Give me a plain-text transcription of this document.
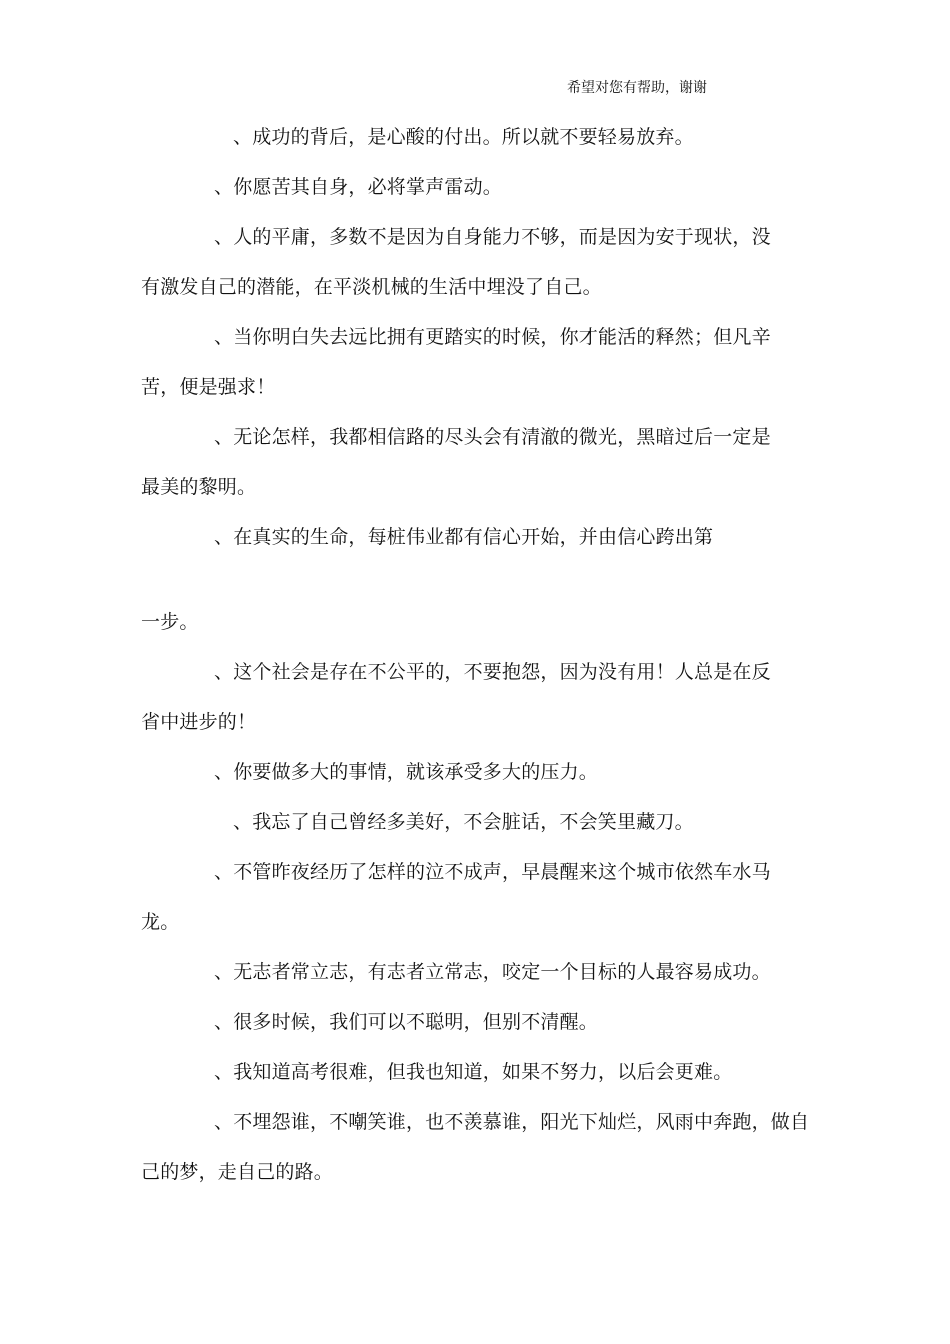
希望对您有帮助，谢谢
、成功的背后，是心酸的付出。所以就不要轻易放弃。
、你愿苦其自身，必将掌声雷动。
、人的平庸，多数不是因为自身能力不够，而是因为安于现状，没
有激发自己的潜能，在平淡机械的生活中埋没了自己。
、当你明白失去远比拥有更踏实的时候，你才能活的释然；但凡辛
苦，便是强求！
、无论怎样，我都相信路的尽头会有清澈的微光，黑暗过后一定是
最美的黎明。
、在真实的生命，每桩伟业都有信心开始，并由信心跨出第
一步。
、这个社会是存在不公平的，不要抱怨，因为没有用！人总是在反
省中进步的！
、你要做多大的事情，就该承受多大的压力。
、我忘了自己曾经多美好，不会脏话，不会笑里藏刀。
、不管昨夜经历了怎样的泣不成声，早晨醒来这个城市依然车水马
龙。
、无志者常立志，有志者立常志，咬定一个目标的人最容易成功。
、很多时候，我们可以不聪明，但别不清醒。
、我知道高考很难，但我也知道，如果不努力，以后会更难。
、不埋怨谁，不嘲笑谁，也不羡慕谁，阳光下灿烂，风雨中奔跑，做自
己的梦，走自己的路。
